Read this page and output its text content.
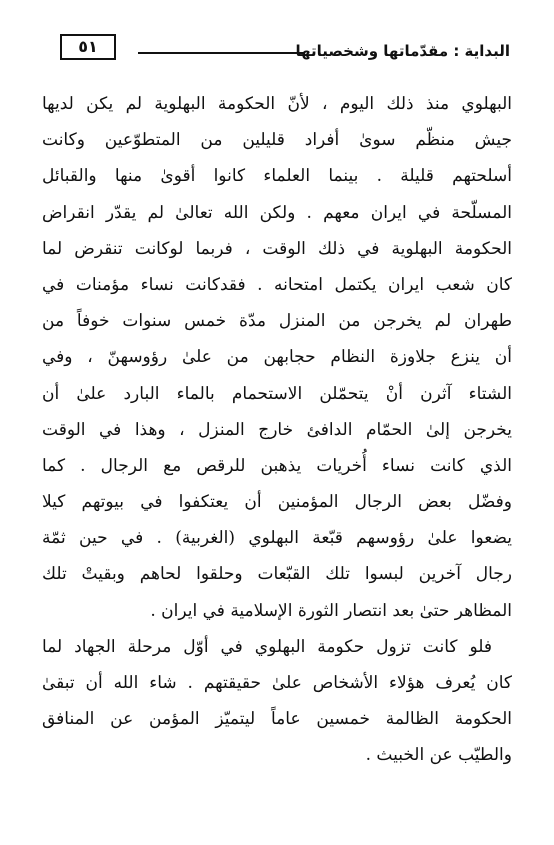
البداية : مقدّماتها وشخصياتها
٥١
البهلوي منذ ذلك اليوم ، لأنّ الحكومة البهلوية لم يكن لديها
جيش منظّم سوىٰ أفراد قليلين من المتطوّعين وكانت
أسلحتهم قليلة . بينما العلماء كانوا أقوىٰ منها والقبائل
المسلّحة في ايران معهم . ولكن الله تعالىٰ لم يقدّر انقراض
الحكومة البهلوية في ذلك الوقت ، فربما لوكانت تنقرض لما
كان شعب ايران يكتمل امتحانه . فقدكانت نساء مؤمنات في
طهران لم يخرجن من المنزل مدّة خمس سنوات خوفاً من
أن ينزع جلاوزة النظام حجابهن من علىٰ رؤوسهنّ ، وفي
الشتاء آثرن أنْ يتحمّلن الاستحمام بالماء البارد علىٰ أن
يخرجن إلىٰ الحمّام الدافئ خارج المنزل ، وهذا في الوقت
الذي كانت نساء أُخريات يذهبن للرقص مع الرجال . كما
وفضّل بعض الرجال المؤمنين أن يعتكفوا في بيوتهم كيلا
يضعوا علىٰ رؤوسهم قبّعة البهلوي (الغربية) . في حين ثمّة
رجال آخرين لبسوا تلك القبّعات وحلقوا لحاهم وبقيتْ تلك
المظاهر حتىٰ بعد انتصار الثورة الإسلامية في ايران .
فلو كانت تزول حكومة البهلوي في أوّل مرحلة الجهاد لما
كان يُعرف هؤلاء الأشخاص علىٰ حقيقتهم . شاء الله أن تبقىٰ
الحكومة الظالمة خمسين عاماً ليتميّز المؤمن عن المنافق
والطيّب عن الخبيث .
